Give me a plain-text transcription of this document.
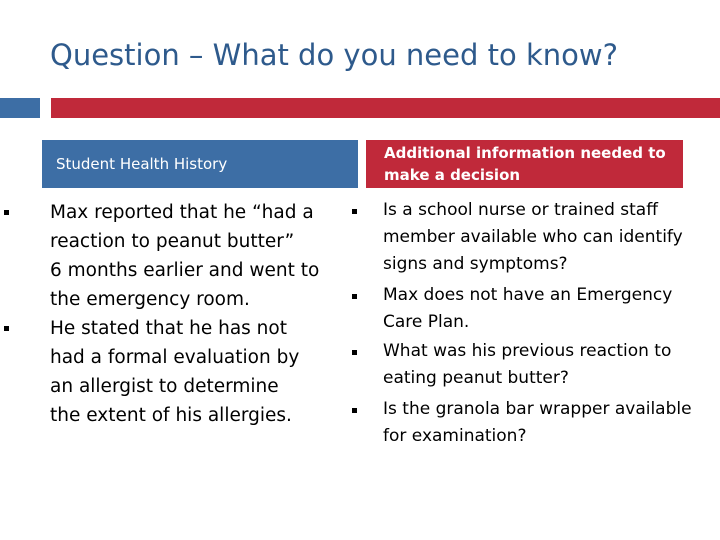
Question – What do you need to know?
Student Health History
Additional information needed to
make a decision
Max reported that he “had a
reaction to peanut butter”
6 months earlier and went to
the emergency room.
He stated that he has not
had a formal evaluation by
an allergist to determine
the extent of his allergies.
Is a school nurse or trained staff
member available who can identify
signs and symptoms?
Max does not have an Emergency
Care Plan.
What was his previous reaction to
eating peanut butter?
Is the granola bar wrapper available
for examination?
